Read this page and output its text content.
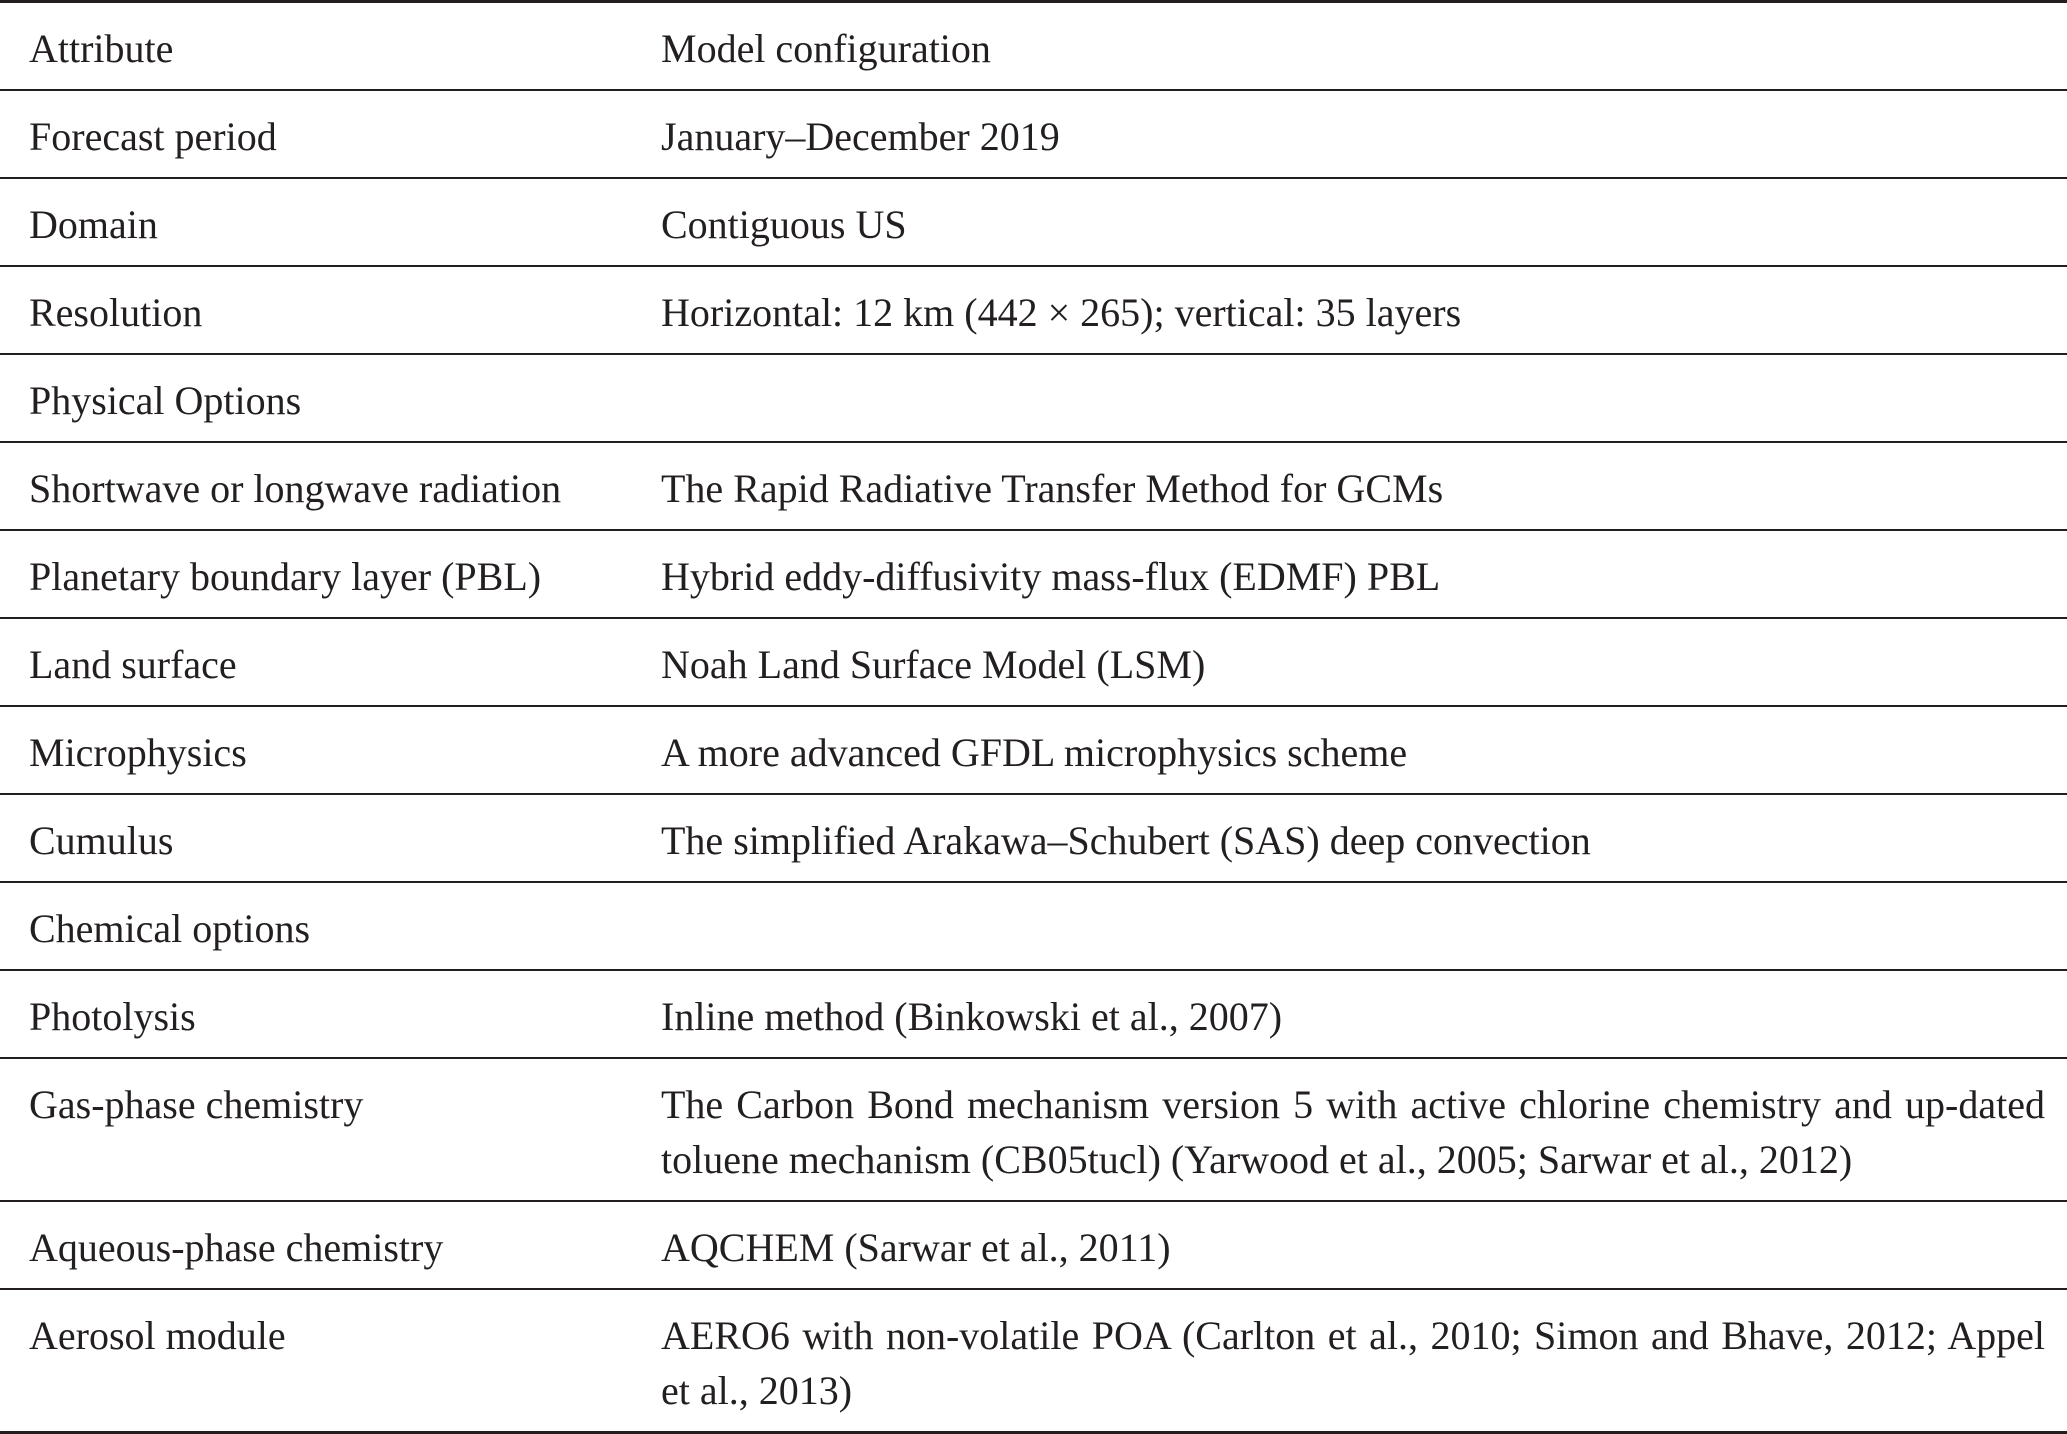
Attribute	Model configuration
Forecast period	January–December 2019
Domain	Contiguous US
Resolution	Horizontal: 12 km (442 × 265); vertical: 35 layers
Physical Options	
Shortwave or longwave radiation	The Rapid Radiative Transfer Method for GCMs
Planetary boundary layer (PBL)	Hybrid eddy-diffusivity mass-flux (EDMF) PBL
Land surface	Noah Land Surface Model (LSM)
Microphysics	A more advanced GFDL microphysics scheme
Cumulus	The simplified Arakawa–Schubert (SAS) deep convection
Chemical options	
Photolysis	Inline method (Binkowski et al., 2007)
Gas-phase chemistry	The Carbon Bond mechanism version 5 with active chlorine chemistry and up-dated toluene mechanism (CB05tucl) (Yarwood et al., 2005; Sarwar et al., 2012)
Aqueous-phase chemistry	AQCHEM (Sarwar et al., 2011)
Aerosol module	AERO6 with non-volatile POA (Carlton et al., 2010; Simon and Bhave, 2012; Appel et al., 2013)
